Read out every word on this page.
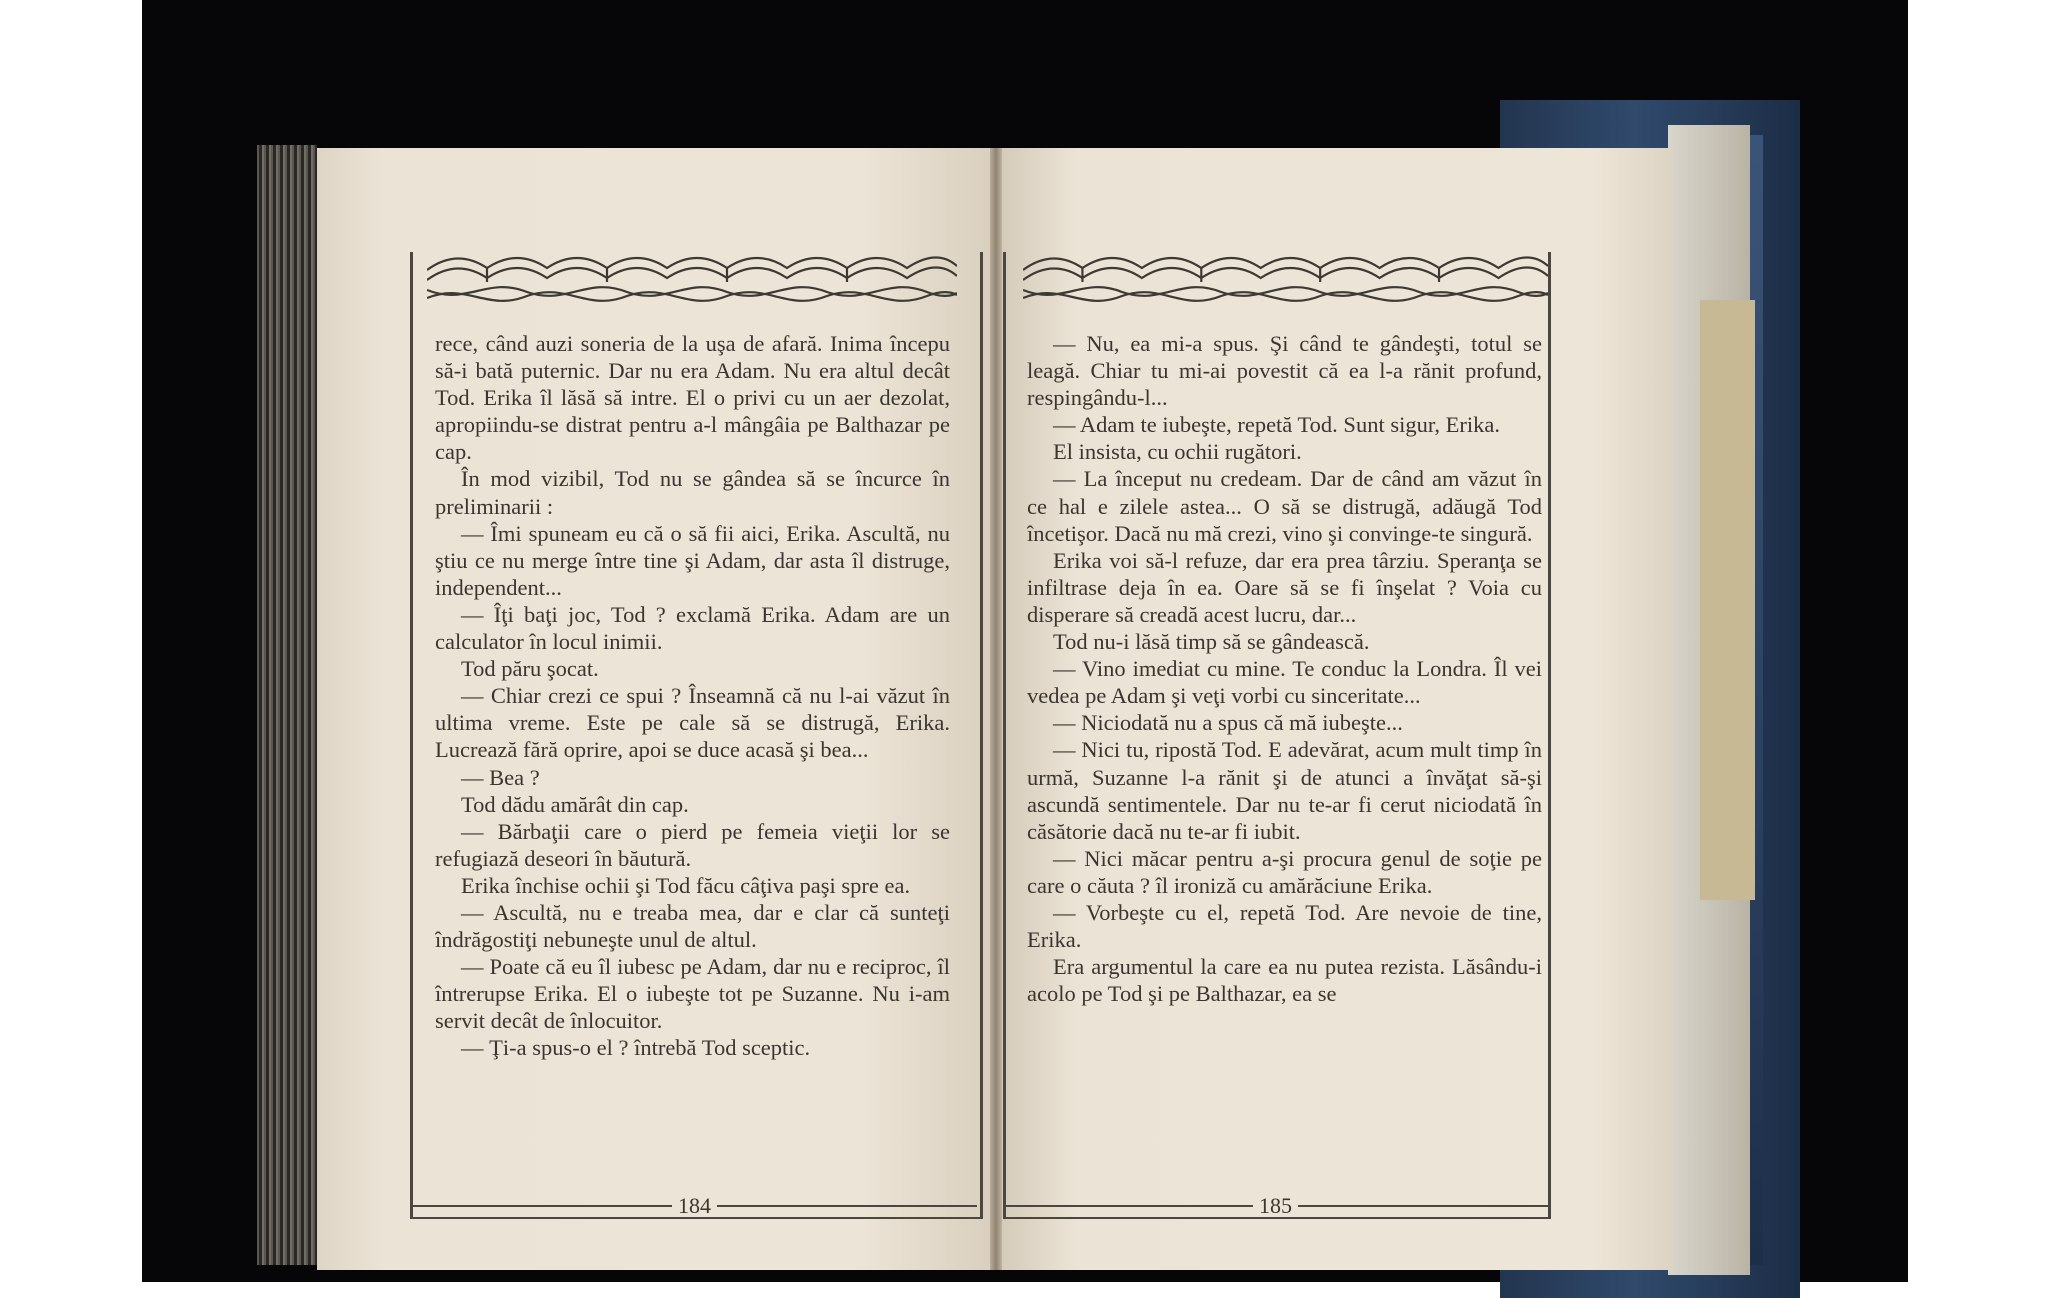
rece, când auzi soneria de la uşa de afară. Inima începu să-i bată puternic. Dar nu era Adam. Nu era altul decât Tod. Erika îl lăsă să intre. El o privi cu un aer dezolat, apropiindu-se distrat pentru a-l mângâia pe Balthazar pe cap.

În mod vizibil, Tod nu se gândea să se încurce în preliminarii :

— Îmi spuneam eu că o să fii aici, Erika. Ascultă, nu ştiu ce nu merge între tine şi Adam, dar asta îl distruge, independent...

— Îţi baţi joc, Tod ? exclamă Erika. Adam are un calculator în locul inimii.

Tod păru şocat.

— Chiar crezi ce spui ? Înseamnă că nu l-ai văzut în ultima vreme. Este pe cale să se distrugă, Erika. Lucrează fără oprire, apoi se duce acasă şi bea...

— Bea ?

Tod dădu amărât din cap.

— Bărbaţii care o pierd pe femeia vieţii lor se refugiază deseori în băutură.

Erika închise ochii şi Tod făcu câţiva paşi spre ea.

— Ascultă, nu e treaba mea, dar e clar că sunteţi îndrăgostiţi nebuneşte unul de altul.

— Poate că eu îl iubesc pe Adam, dar nu e reciproc, îl întrerupse Erika. El o iubeşte tot pe Suzanne. Nu i-am servit decât de înlocuitor.

— Ţi-a spus-o el ? întrebă Tod sceptic.

— Nu, ea mi-a spus. Şi când te gândeşti, totul se leagă. Chiar tu mi-ai povestit că ea l-a rănit profund, respingându-l...

— Adam te iubeşte, repetă Tod. Sunt sigur, Erika.

El insista, cu ochii rugători.

— La început nu credeam. Dar de când am văzut în ce hal e zilele astea... O să se distrugă, adăugă Tod încetişor. Dacă nu mă crezi, vino şi convinge-te singură.

Erika voi să-l refuze, dar era prea târziu. Speranţa se infiltrase deja în ea. Oare să se fi înşelat ? Voia cu disperare să creadă acest lucru, dar...

Tod nu-i lăsă timp să se gândească.

— Vino imediat cu mine. Te conduc la Londra. Îl vei vedea pe Adam şi veţi vorbi cu sinceritate...

— Niciodată nu a spus că mă iubeşte...

— Nici tu, ripostă Tod. E adevărat, acum mult timp în urmă, Suzanne l-a rănit şi de atunci a învăţat să-şi ascundă sentimentele. Dar nu te-ar fi cerut niciodată în căsătorie dacă nu te-ar fi iubit.

— Nici măcar pentru a-şi procura genul de soţie pe care o căuta ? îl ironiză cu amărăciune Erika.

— Vorbeşte cu el, repetă Tod. Are nevoie de tine, Erika.

Era argumentul la care ea nu putea rezista. Lăsându-i acolo pe Tod şi pe Balthazar, ea se

184	185
